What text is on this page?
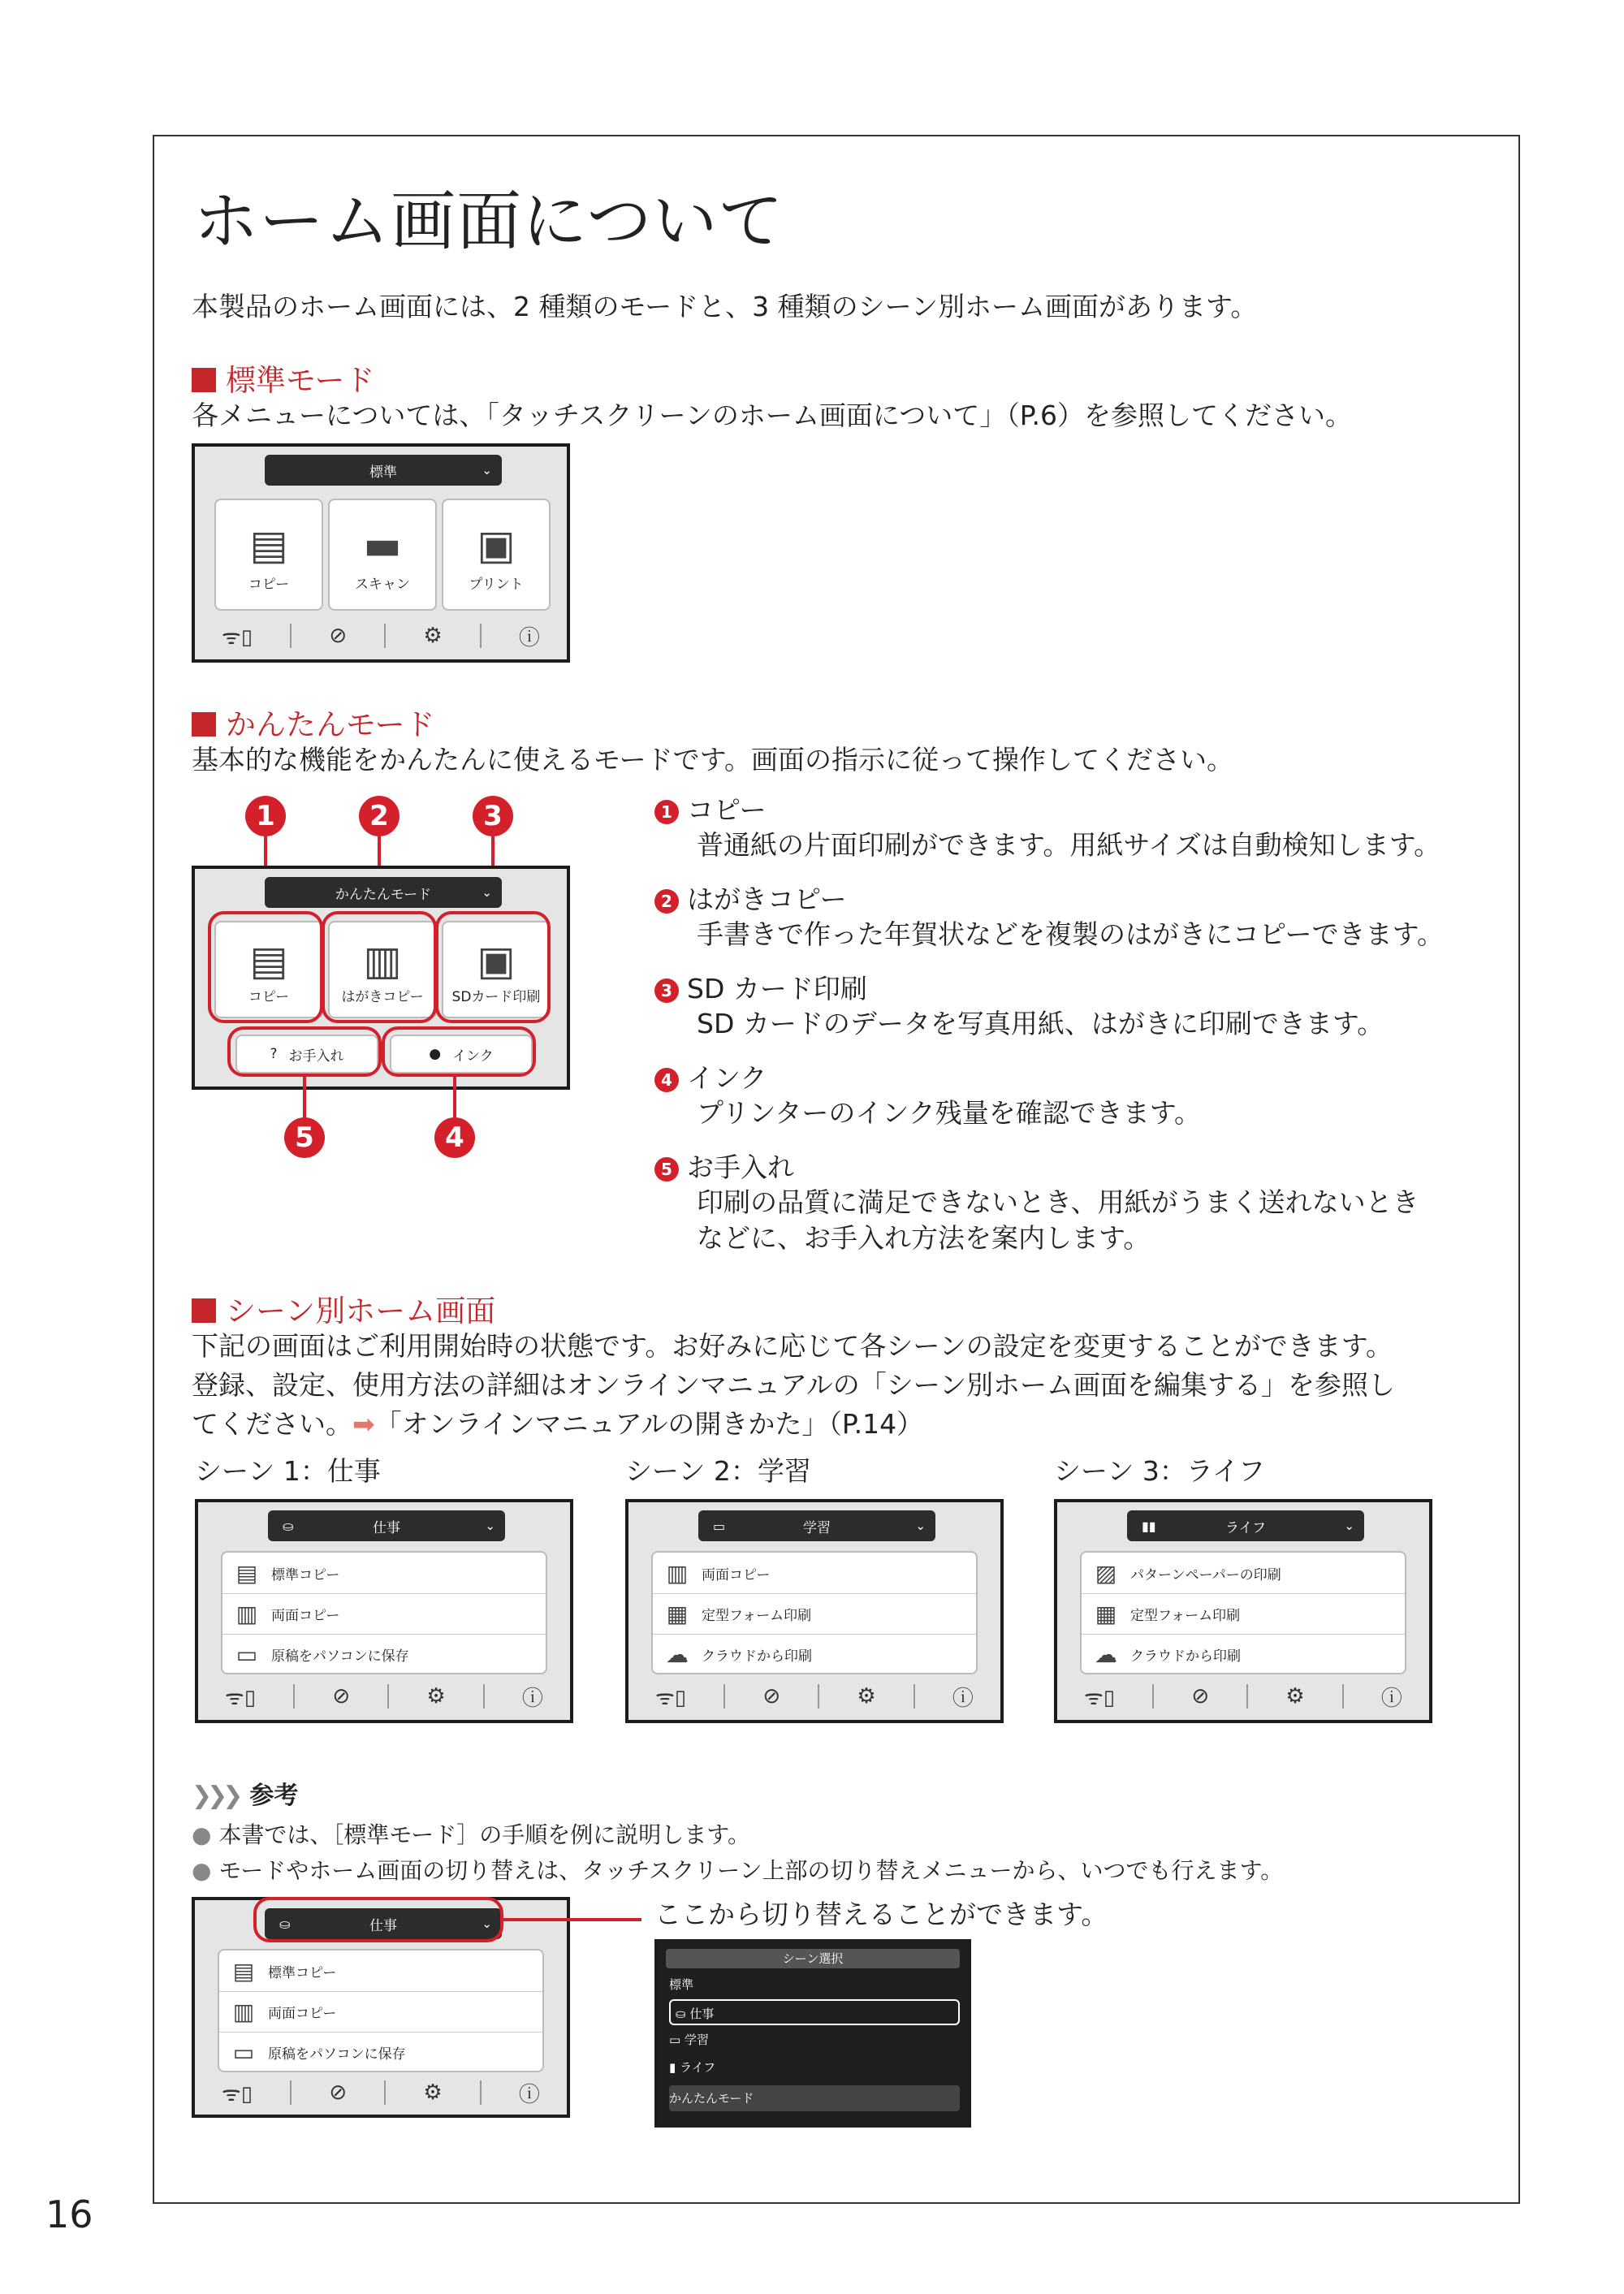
ホーム画面について
本製品のホーム画面には、2 種類のモードと、3 種類のシーン別ホーム画面があります。
標準モード
各メニューについては、「タッチスクリーンのホーム画面について」（P.6）を参照してください。
標準	⌄
▤
コピー
▬
スキャン
▣
プリント
ᯤ▯	⊘	⚙	ⓘ
かんたんモード
基本的な機能をかんたんに使えるモードです。画面の指示に従って操作してください。
1	2	3
かんたんモード	⌄
▤
コピー
▥
はがきコピー
▣
SDカード印刷
? お手入れ	● インク
5	4
1 コピー
普通紙の片面印刷ができます。用紙サイズは自動検知します。
2 はがきコピー
手書きで作った年賀状などを複製のはがきにコピーできます。
3 SD カード印刷
SD カードのデータを写真用紙、はがきに印刷できます。
4 インク
プリンターのインク残量を確認できます。
5 お手入れ
印刷の品質に満足できないとき、用紙がうまく送れないとき
などに、お手入れ方法を案内します。
シーン別ホーム画面
下記の画面はご利用開始時の状態です。お好みに応じて各シーンの設定を変更することができます。
登録、設定、使用方法の詳細はオンラインマニュアルの「シーン別ホーム画面を編集する」を参照し
てください。➡「オンラインマニュアルの開きかた」（P.14）
シーン 1：仕事	シーン 2：学習	シーン 3：ライフ
⛀	仕事	⌄
▤ 標準コピー
▥ 両面コピー
▭ 原稿をパソコンに保存
ᯤ▯	⊘	⚙	ⓘ
▭	学習	⌄
▥ 両面コピー
▦ 定型フォーム印刷
☁ クラウドから印刷
ᯤ▯	⊘	⚙	ⓘ
▮▮	ライフ	⌄
▨ パターンペーパーの印刷
▦ 定型フォーム印刷
☁ クラウドから印刷
ᯤ▯	⊘	⚙	ⓘ
❯❯❯ 参考
● 本書では、［標準モード］の手順を例に説明します。
● モードやホーム画面の切り替えは、タッチスクリーン上部の切り替えメニューから、いつでも行えます。
⛀	仕事	⌄
▤ 標準コピー
▥ 両面コピー
▭ 原稿をパソコンに保存
ᯤ▯	⊘	⚙	ⓘ
ここから切り替えることができます。
シーン選択
標準
⛀ 仕事
▭ 学習
▮ ライフ
かんたんモード
16
